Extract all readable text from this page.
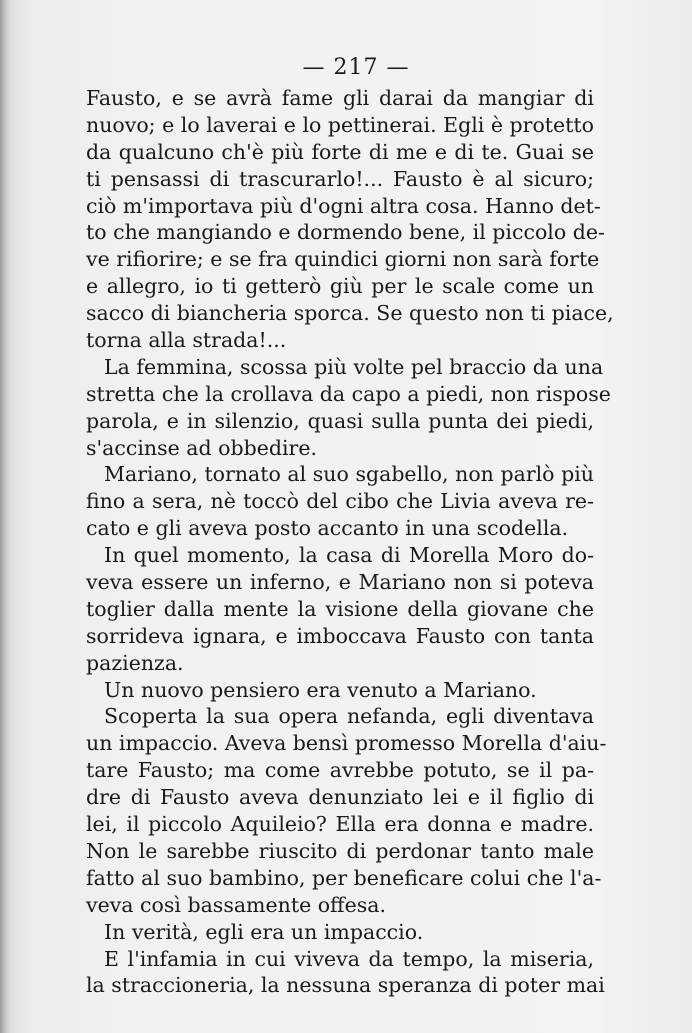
— 217 —
Fausto, e se avrà fame gli darai da mangiar di
nuovo; e lo laverai e lo pettinerai. Egli è protetto
da qualcuno ch'è più forte di me e di te. Guai se
ti pensassi di trascurarlo!... Fausto è al sicuro;
ciò m'importava più d'ogni altra cosa. Hanno det-
to che mangiando e dormendo bene, il piccolo de-
ve rifiorire; e se fra quindici giorni non sarà forte
e allegro, io ti getterò giù per le scale come un
sacco di biancheria sporca. Se questo non ti piace,
torna alla strada!...
La femmina, scossa più volte pel braccio da una
stretta che la crollava da capo a piedi, non rispose
parola, e in silenzio, quasi sulla punta dei piedi,
s'accinse ad obbedire.
Mariano, tornato al suo sgabello, non parlò più
fino a sera, nè toccò del cibo che Livia aveva re-
cato e gli aveva posto accanto in una scodella.
In quel momento, la casa di Morella Moro do-
veva essere un inferno, e Mariano non si poteva
toglier dalla mente la visione della giovane che
sorrideva ignara, e imboccava Fausto con tanta
pazienza.
Un nuovo pensiero era venuto a Mariano.
Scoperta la sua opera nefanda, egli diventava
un impaccio. Aveva bensì promesso Morella d'aiu-
tare Fausto; ma come avrebbe potuto, se il pa-
dre di Fausto aveva denunziato lei e il figlio di
lei, il piccolo Aquileio? Ella era donna e madre.
Non le sarebbe riuscito di perdonar tanto male
fatto al suo bambino, per beneficare colui che l'a-
veva così bassamente offesa.
In verità, egli era un impaccio.
E l'infamia in cui viveva da tempo, la miseria,
la straccioneria, la nessuna speranza di poter mai
